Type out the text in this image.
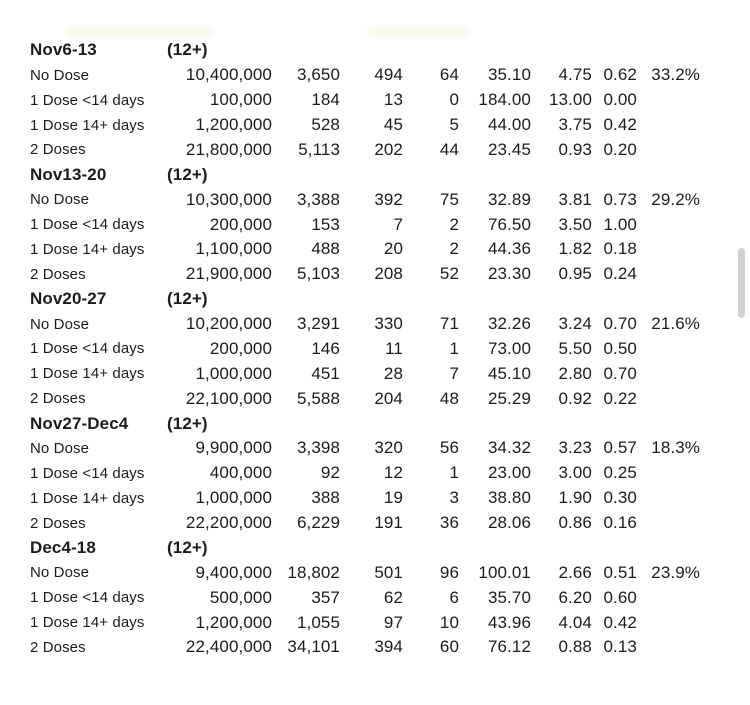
Nov6-13	(12+)
No Dose	10,400,000	3,650	494	64	35.10	4.75 0.62 33.2%
1 Dose <14 days	100,000	184	13	0	184.00	13.00 0.00
1 Dose 14+ days	1,200,000	528	45	5	44.00	3.75 0.42
2 Doses	21,800,000	5,113	202	44	23.45	0.93 0.20
Nov13-20	(12+)
No Dose	10,300,000	3,388	392	75	32.89	3.81 0.73 29.2%
1 Dose <14 days	200,000	153	7	2	76.50	3.50 1.00
1 Dose 14+ days	1,100,000	488	20	2	44.36	1.82 0.18
2 Doses	21,900,000	5,103	208	52	23.30	0.95 0.24
Nov20-27	(12+)
No Dose	10,200,000	3,291	330	71	32.26	3.24 0.70 21.6%
1 Dose <14 days	200,000	146	11	1	73.00	5.50 0.50
1 Dose 14+ days	1,000,000	451	28	7	45.10	2.80 0.70
2 Doses	22,100,000	5,588	204	48	25.29	0.92 0.22
Nov27-Dec4	(12+)
No Dose	9,900,000	3,398	320	56	34.32	3.23 0.57 18.3%
1 Dose <14 days	400,000	92	12	1	23.00	3.00 0.25
1 Dose 14+ days	1,000,000	388	19	3	38.80	1.90 0.30
2 Doses	22,200,000	6,229	191	36	28.06	0.86 0.16
Dec4-18	(12+)
No Dose	9,400,000 18,802	501	96	100.01	2.66 0.51 23.9%
1 Dose <14 days	500,000	357	62	6	35.70	6.20 0.60
1 Dose 14+ days	1,200,000	1,055	97	10	43.96	4.04 0.42
2 Doses	22,400,000 34,101	394	60	76.12	0.88 0.13
